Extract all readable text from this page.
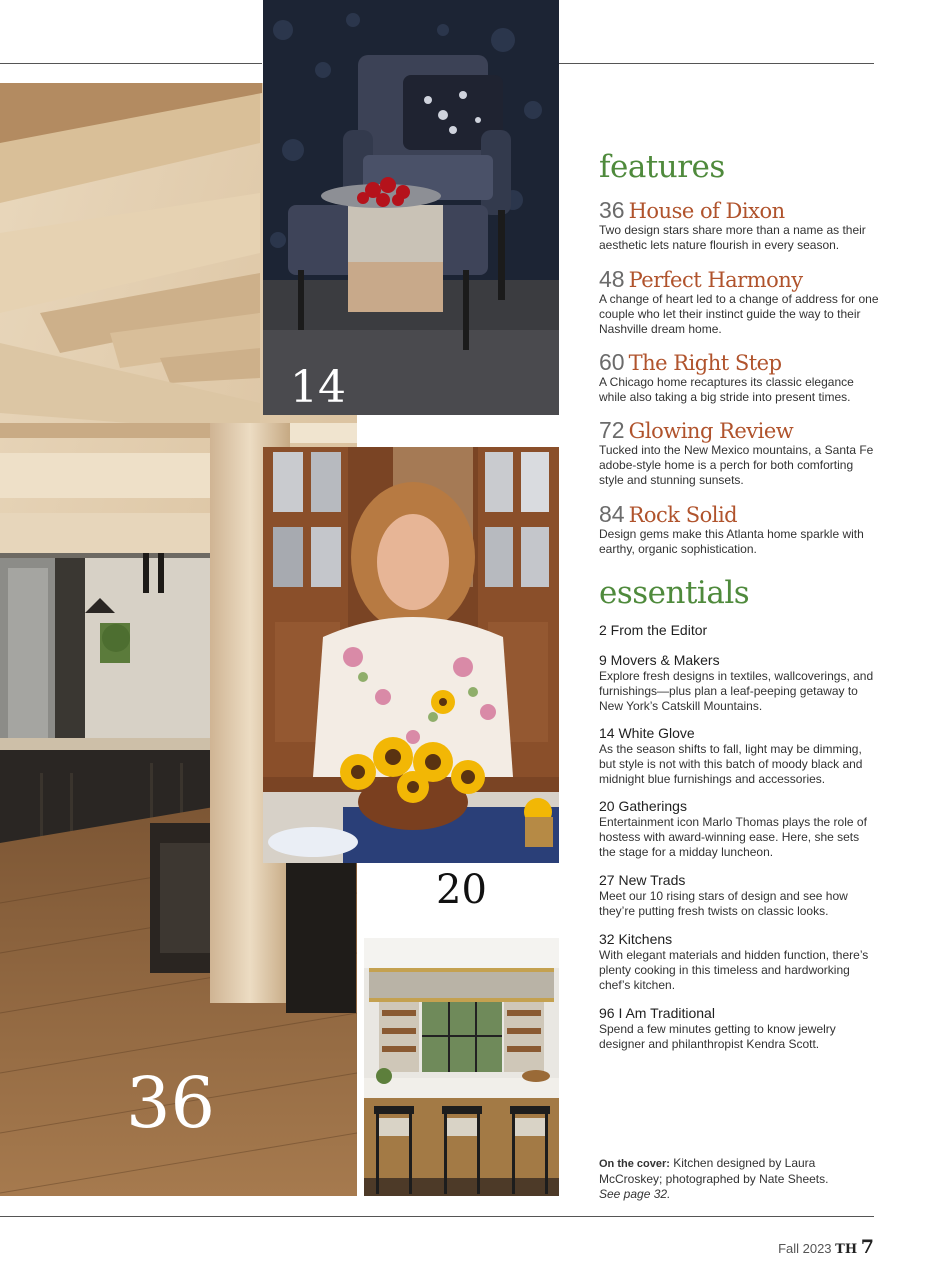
36
14
20
features
36 House of Dixon
Two design stars share more than a name as their aesthetic lets nature flourish in every season.
48 Perfect Harmony
A change of heart led to a change of address for one couple who let their instinct guide the way to their Nashville dream home.
60 The Right Step
A Chicago home recaptures its classic elegance while also taking a big stride into present times.
72 Glowing Review
Tucked into the New Mexico mountains, a Santa Fe adobe-style home is a perch for both comforting style and stunning sunsets.
84 Rock Solid
Design gems make this Atlanta home sparkle with earthy, organic sophistication.
essentials
2 From the Editor
9 Movers & Makers
Explore fresh designs in textiles, wallcoverings, and furnishings—plus plan a leaf-peeping getaway to New York’s Catskill Mountains.
14 White Glove
As the season shifts to fall, light may be dimming, but style is not with this batch of moody black and midnight blue furnishings and accessories.
20 Gatherings
Entertainment icon Marlo Thomas plays the role of hostess with award-winning ease. Here, she sets the stage for a midday luncheon.
27 New Trads
Meet our 10 rising stars of design and see how they’re putting fresh twists on classic looks.
32 Kitchens
With elegant materials and hidden function, there’s plenty cooking in this timeless and hardworking chef’s kitchen.
96 I Am Traditional
Spend a few minutes getting to know jewelry designer and philanthropist Kendra Scott.
On the cover: Kitchen designed by Laura McCroskey; photographed by Nate Sheets.
See page 32.
Fall 2023 TH 7
